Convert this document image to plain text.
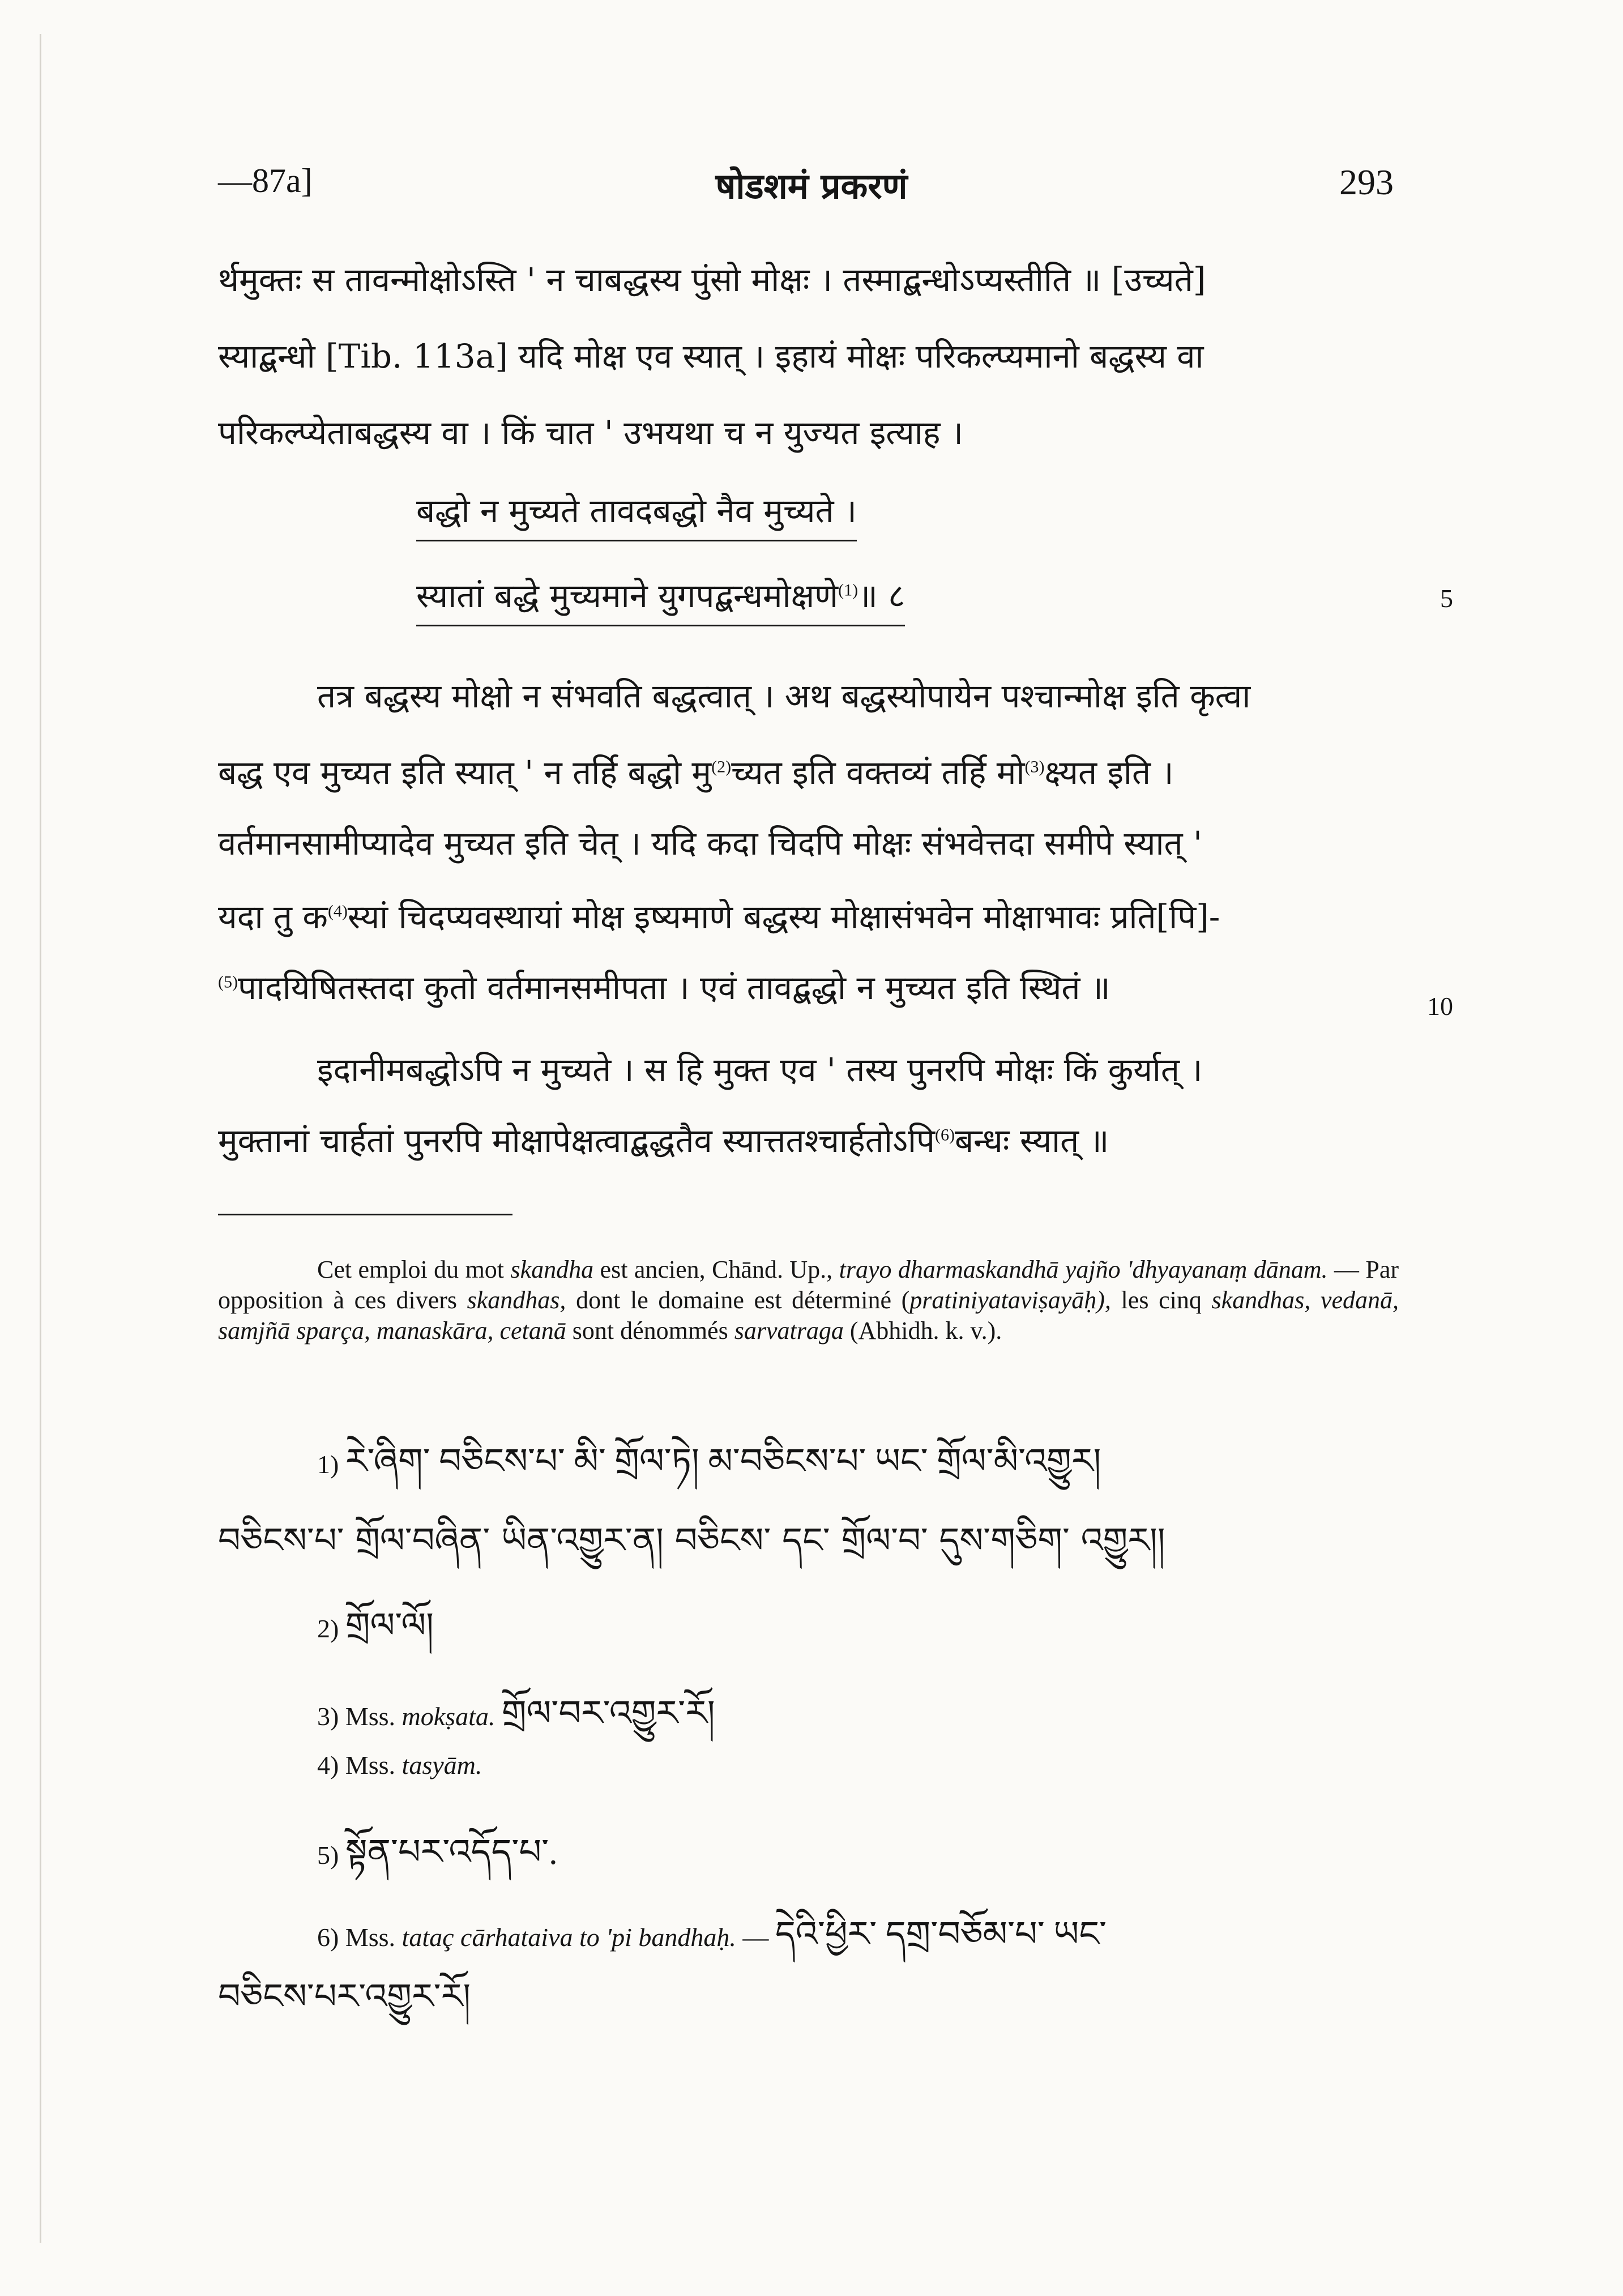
—87a]	षोडशमं प्रकरणं	293
र्थमुक्तः स तावन्मोक्षोऽस्ति ' न चाबद्धस्य पुंसो मोक्षः । तस्माद्बन्धोऽप्यस्तीति ॥ [उच्यते]
स्याद्बन्धो [Tib. 113a] यदि मोक्ष एव स्यात् । इहायं मोक्षः परिकल्प्यमानो बद्धस्य वा
परिकल्प्येताबद्धस्य वा । किं चात ' उभयथा च न युज्यत इत्याह ।
बद्धो न मुच्यते तावदबद्धो नैव मुच्यते ।
स्यातां बद्धे मुच्यमाने युगपद्बन्धमोक्षणे$^{(1)}$॥ ८	5
तत्र बद्धस्य मोक्षो न संभवति बद्धत्वात् । अथ बद्धस्योपायेन पश्चान्मोक्ष इति कृत्वा
बद्ध एव मुच्यत इति स्यात् ' न तर्हि बद्धो मु$^{(2)}$च्यत इति वक्तव्यं तर्हि मो$^{(3)}$क्ष्यत इति ।
वर्तमानसामीप्यादेव मुच्यत इति चेत् । यदि कदा चिदपि मोक्षः संभवेत्तदा समीपे स्यात् '
यदा तु क$^{(4)}$स्यां चिदप्यवस्थायां मोक्ष इष्यमाणे बद्धस्य मोक्षासंभवेन मोक्षाभावः प्रति[पि]-
$^{(5)}$पादयिषितस्तदा कुतो वर्तमानसमीपता । एवं तावद्बद्धो न मुच्यत इति स्थितं ॥	10
इदानीमबद्धोऽपि न मुच्यते । स हि मुक्त एव ' तस्य पुनरपि मोक्षः किं कुर्यात् ।
मुक्तानां चार्हतां पुनरपि मोक्षापेक्षत्वाद्बद्धतैव स्यात्ततश्चार्हतोऽपि$^{(6)}$बन्धः स्यात् ॥
Cet emploi du mot skandha est ancien, Chānd. Up., trayo dharmaskandhā yajño 'dhyayanaṃ dānam. — Par opposition à ces divers skandhas, dont le domaine est déterminé (pratiniyataviṣayāḥ), les cinq skandhas, vedanā, samjñā sparça, manaskāra, cetanā sont dénommés sarvatraga (Abhidh. k. v.).
1) རེ་ཞིག་ བཅིངས་པ་ མི་ གྲོལ་ཏེ། མ་བཅིངས་པ་ ཡང་ གྲོལ་མི་འགྱུར།
བཅིངས་པ་ གྲོལ་བཞིན་ ཡིན་འགྱུར་ན། བཅིངས་ དང་ གྲོལ་བ་ དུས་གཅིག་ འགྱུར།།
2) གྲོལ་ལོ།
3) Mss. mokṣata. གྲོལ་བར་འགྱུར་རོ།
4) Mss. tasyām.
5) སྟོན་པར་འདོད་པ་.
6) Mss. tataç cārhataiva to 'pi bandhaḥ. — དེའི་ཕྱིར་ དགྲ་བཅོམ་པ་ ཡང་
བཅིངས་པར་འགྱུར་རོ།
